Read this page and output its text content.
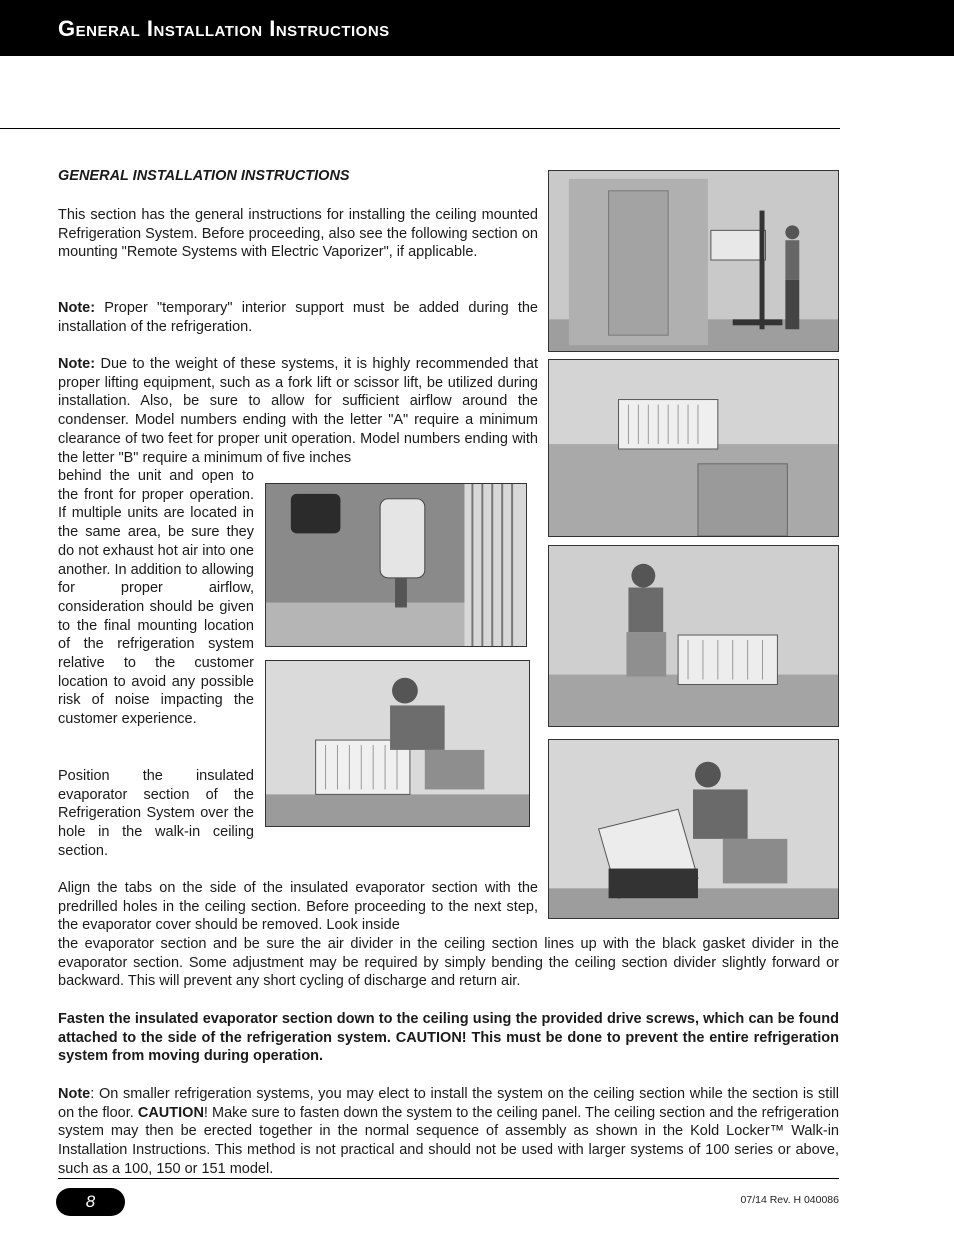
General Installation Instructions
GENERAL INSTALLATION INSTRUCTIONS

This section has the general instructions for installing the ceiling mounted Refrigeration System. Before proceeding, also see the following section on mounting "Remote Systems with Electric Vaporizer", if applicable.

Note: Proper "temporary" interior support must be added during the installation of the refrigeration.

Note: Due to the weight of these systems, it is highly recommended that proper lifting equipment, such as a fork lift or scissor lift, be utilized during installation. Also, be sure to allow for sufficient airflow around the condenser. Model numbers ending with the letter "A" require a minimum clearance of two feet for proper unit operation. Model numbers ending with the letter "B" require a minimum of five inches

behind the unit and open to the front for proper operation. If multiple units are located in the same area, be sure they do not exhaust hot air into one another. In addition to allowing for proper airflow, consideration should be given to the final mounting location of the refrigeration system relative to the customer location to avoid any possible risk of noise impacting the customer experience.

Position the insulated evaporator section of the Refrigeration System over the hole in the walk-in ceiling section.

Align the tabs on the side of the insulated evaporator section with the predrilled holes in the ceiling section. Before proceeding to the next step, the evaporator cover should be removed. Look inside

the evaporator section and be sure the air divider in the ceiling section lines up with the black gasket divider in the evaporator section. Some adjustment may be required by simply bending the ceiling section divider slightly forward or backward. This will prevent any short cycling of discharge and return air.

Fasten the insulated evaporator section down to the ceiling using the provided drive screws, which can be found attached to the side of the refrigeration system. CAUTION! This must be done to prevent the entire refrigeration system from moving during operation.

Note: On smaller refrigeration systems, you may elect to install the system on the ceiling section while the section is still on the floor. CAUTION! Make sure to fasten down the system to the ceiling panel. The ceiling section and the refrigeration system may then be erected together in the normal sequence of assembly as shown in the Kold Locker™ Walk-in Installation Instructions. This method is not practical and should not be used with larger systems of 100 series or above, such as a 100, 150 or 151 model.

8	07/14 Rev. H 040086
